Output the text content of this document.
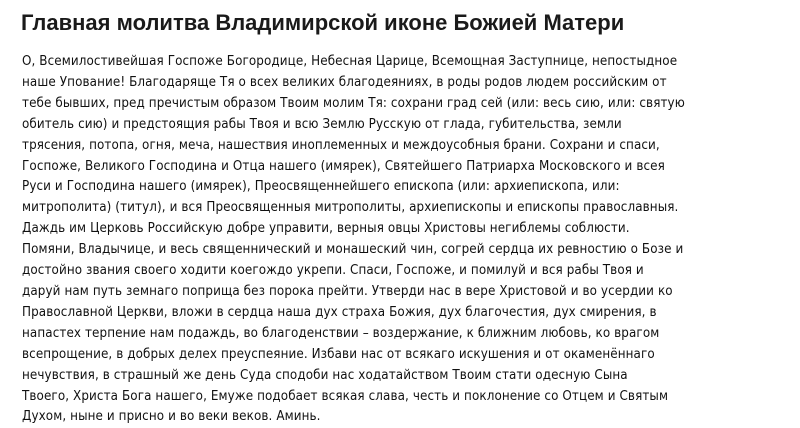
Главная молитва Владимирской иконе Божией Матери
О, Всемилостивейшая Госпоже Богородице, Небесная Царице, Всемощная Заступнице, непостыдное
наше Упование! Благодаряще Тя о всех великих благодеяниях, в роды родов людем российским от
тебе бывших, пред пречистым образом Твоим молим Тя: сохрани град сей (или: весь сию, или: святую
обитель сию) и предстоящия рабы Твоя и всю Землю Русскую от глада, губительства, земли
трясения, потопа, огня, меча, нашествия иноплеменных и междоусобныя брани. Сохрани и спаси,
Госпоже, Великого Господина и Отца нашего (имярек), Святейшего Патриарха Московского и всея
Руси и Господина нашего (имярек), Преосвященнейшего епископа (или: архиепископа, или:
митрополита) (титул), и вся Преосвященныя митрополиты, архиепископы и епископы православныя.
Даждь им Церковь Российскую добре управити, верныя овцы Христовы негиблемы соблюсти.
Помяни, Владычице, и весь священнический и монашеский чин, согрей сердца их ревностию о Бозе и
достойно звания своего ходити коегождо укрепи. Спаси, Госпоже, и помилуй и вся рабы Твоя и
даруй нам путь земнаго поприща без порока прейти. Утверди нас в вере Христовой и во усердии ко
Православной Церкви, вложи в сердца наша дух страха Божия, дух благочестия, дух смирения, в
напастех терпение нам подаждь, во благоденствии – воздержание, к ближним любовь, ко врагом
всепрощение, в добрых делех преуспеяние. Избави нас от всякаго искушения и от окаменённаго
нечувствия, в страшный же день Суда сподоби нас ходатайством Твоим стати одесную Сына
Твоего, Христа Бога нашего, Емуже подобает всякая слава, честь и поклонение со Отцем и Святым
Духом, ныне и присно и во веки веков. Аминь.
